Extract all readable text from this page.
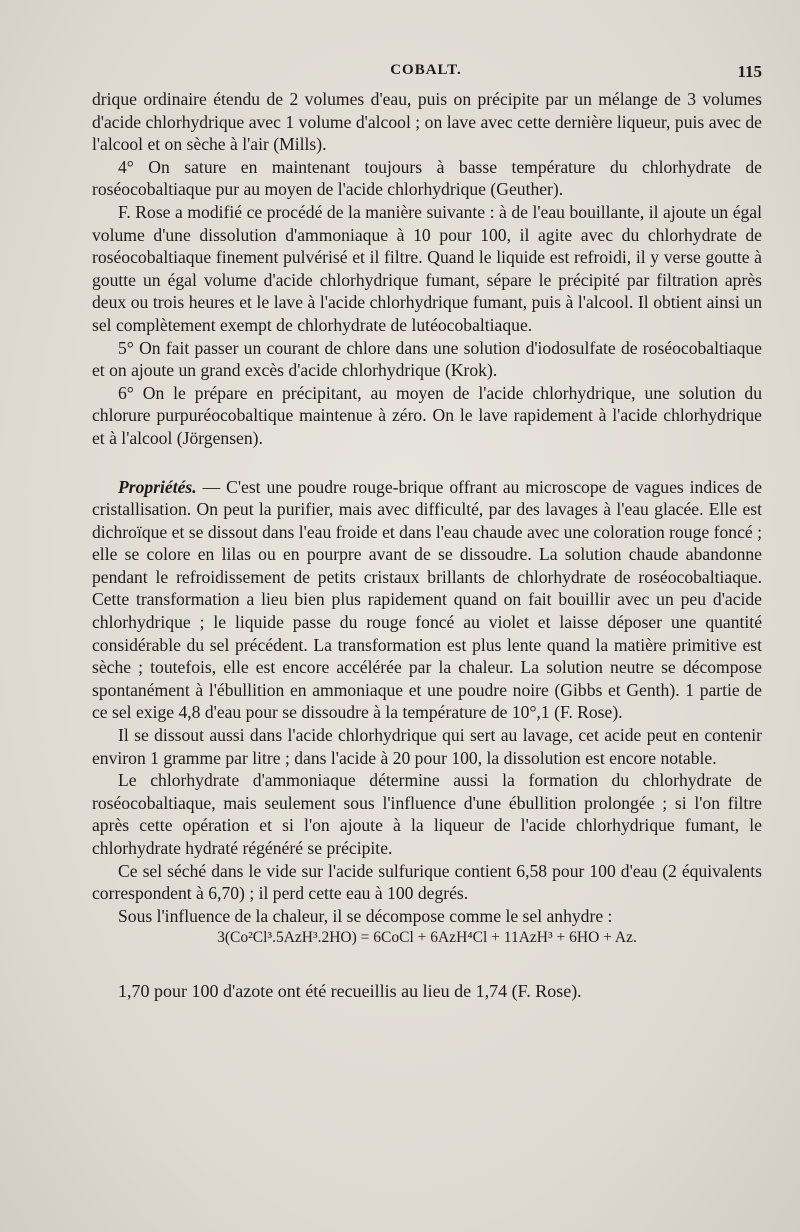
COBALT.	115

drique ordinaire étendu de 2 volumes d'eau, puis on précipite par un mélange de 3 volumes d'acide chlorhydrique avec 1 volume d'alcool ; on lave avec cette dernière liqueur, puis avec de l'alcool et on sèche à l'air (Mills).

4° On sature en maintenant toujours à basse température du chlorhydrate de roséocobaltiaque pur au moyen de l'acide chlorhydrique (Geuther).

F. Rose a modifié ce procédé de la manière suivante : à de l'eau bouillante, il ajoute un égal volume d'une dissolution d'ammoniaque à 10 pour 100, il agite avec du chlorhydrate de roséocobaltiaque finement pulvérisé et il filtre. Quand le liquide est refroidi, il y verse goutte à goutte un égal volume d'acide chlorhydrique fumant, sépare le précipité par filtration après deux ou trois heures et le lave à l'acide chlorhydrique fumant, puis à l'alcool. Il obtient ainsi un sel complètement exempt de chlorhydrate de lutéocobaltiaque.

5° On fait passer un courant de chlore dans une solution d'iodosulfate de roséocobaltiaque et on ajoute un grand excès d'acide chlorhydrique (Krok).

6° On le prépare en précipitant, au moyen de l'acide chlorhydrique, une solution du chlorure purpuréocobaltique maintenue à zéro. On le lave rapidement à l'acide chlorhydrique et à l'alcool (Jörgensen).

Propriétés. — C'est une poudre rouge-brique offrant au microscope de vagues indices de cristallisation. On peut la purifier, mais avec difficulté, par des lavages à l'eau glacée. Elle est dichroïque et se dissout dans l'eau froide et dans l'eau chaude avec une coloration rouge foncé ; elle se colore en lilas ou en pourpre avant de se dissoudre. La solution chaude abandonne pendant le refroidissement de petits cristaux brillants de chlorhydrate de roséocobaltiaque. Cette transformation a lieu bien plus rapidement quand on fait bouillir avec un peu d'acide chlorhydrique ; le liquide passe du rouge foncé au violet et laisse déposer une quantité considérable du sel précédent. La transformation est plus lente quand la matière primitive est sèche ; toutefois, elle est encore accélérée par la chaleur. La solution neutre se décompose spontanément à l'ébullition en ammoniaque et une poudre noire (Gibbs et Genth). 1 partie de ce sel exige 4,8 d'eau pour se dissoudre à la température de 10°,1 (F. Rose).

Il se dissout aussi dans l'acide chlorhydrique qui sert au lavage, cet acide peut en contenir environ 1 gramme par litre ; dans l'acide à 20 pour 100, la dissolution est encore notable.

Le chlorhydrate d'ammoniaque détermine aussi la formation du chlorhydrate de roséocobaltiaque, mais seulement sous l'influence d'une ébullition prolongée ; si l'on filtre après cette opération et si l'on ajoute à la liqueur de l'acide chlorhydrique fumant, le chlorhydrate hydraté régénéré se précipite.

Ce sel séché dans le vide sur l'acide sulfurique contient 6,58 pour 100 d'eau (2 équivalents correspondent à 6,70) ; il perd cette eau à 100 degrés.

Sous l'influence de la chaleur, il se décompose comme le sel anhydre :

3(Co²Cl³.5AzH³.2HO) = 6CoCl + 6AzH⁴Cl + 11AzH³ + 6HO + Az.

1,70 pour 100 d'azote ont été recueillis au lieu de 1,74 (F. Rose).
